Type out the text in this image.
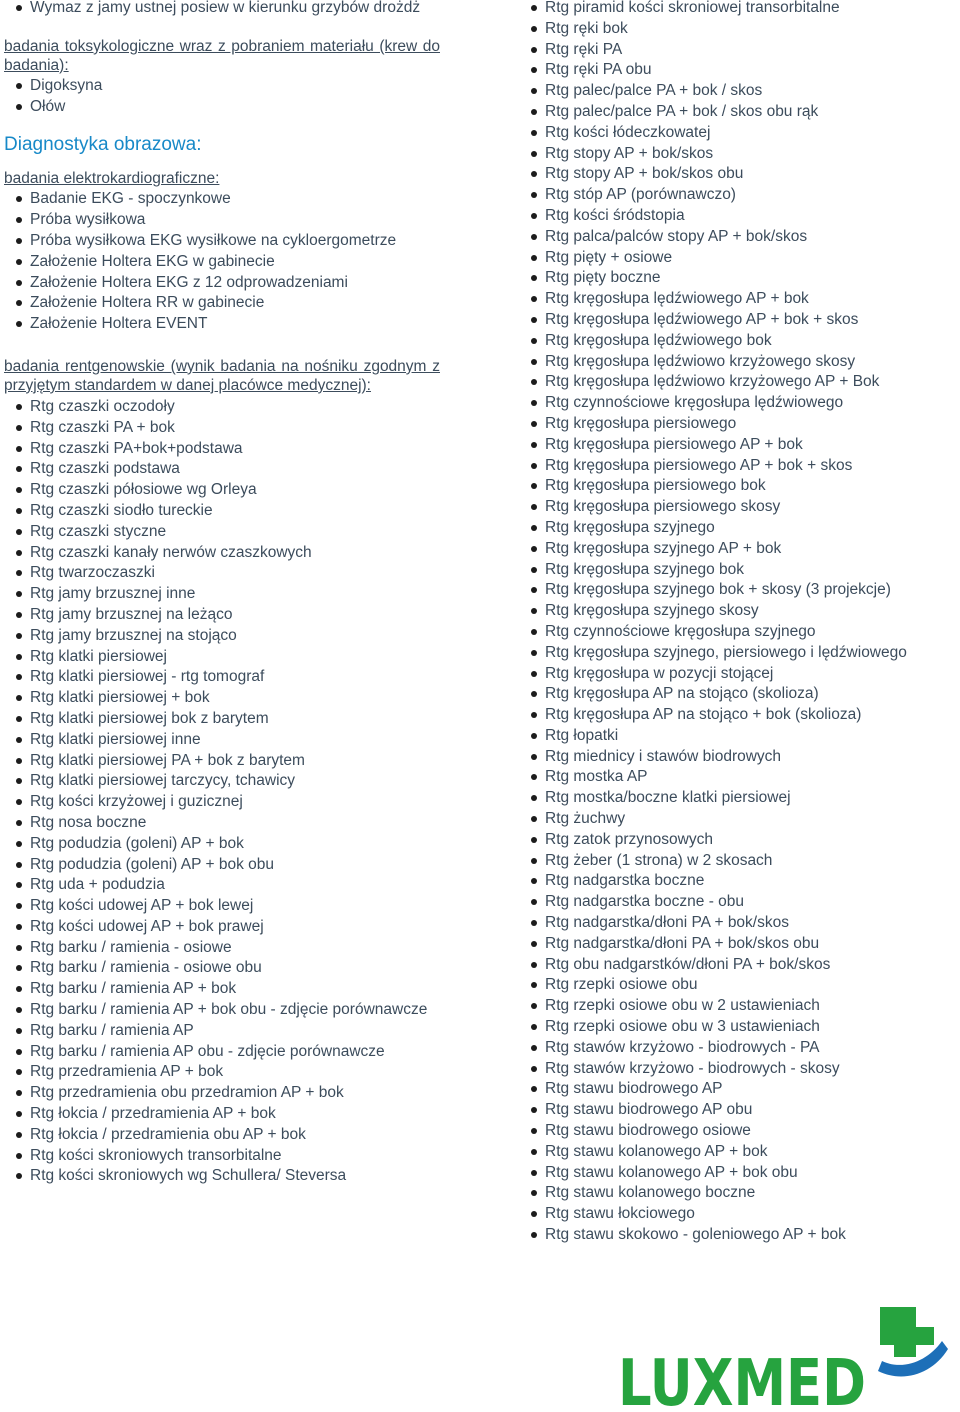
Wymaz z jamy ustnej posiew w kierunku grzybów drożdż
badania toksykologiczne wraz z pobraniem materiału (krew do badania):
Digoksyna
Ołów
Diagnostyka obrazowa:
badania elektrokardiograficzne:
Badanie EKG - spoczynkowe
Próba wysiłkowa
Próba wysiłkowa EKG wysiłkowe na cykloergometrze
Założenie Holtera EKG w gabinecie
Założenie Holtera EKG z 12 odprowadzeniami
Założenie Holtera RR w gabinecie
Założenie Holtera EVENT
badania rentgenowskie (wynik badania na nośniku zgodnym z przyjętym standardem w danej placówce medycznej):
Rtg czaszki oczodoły
Rtg czaszki PA + bok
Rtg czaszki PA+bok+podstawa
Rtg czaszki podstawa
Rtg czaszki półosiowe wg Orleya
Rtg czaszki siodło tureckie
Rtg czaszki styczne
Rtg czaszki kanały nerwów czaszkowych
Rtg twarzoczaszki
Rtg jamy brzusznej inne
Rtg jamy brzusznej na leżąco
Rtg jamy brzusznej na stojąco
Rtg klatki piersiowej
Rtg klatki piersiowej - rtg tomograf
Rtg klatki piersiowej + bok
Rtg klatki piersiowej bok z barytem
Rtg klatki piersiowej inne
Rtg klatki piersiowej PA + bok z barytem
Rtg klatki piersiowej tarczycy, tchawicy
Rtg kości krzyżowej i guzicznej
Rtg nosa boczne
Rtg podudzia (goleni) AP + bok
Rtg podudzia (goleni) AP + bok obu
Rtg uda + podudzia
Rtg kości udowej AP + bok lewej
Rtg kości udowej AP + bok prawej
Rtg barku / ramienia - osiowe
Rtg barku / ramienia - osiowe obu
Rtg barku / ramienia AP + bok
Rtg barku / ramienia AP + bok obu - zdjęcie porównawcze
Rtg barku / ramienia AP
Rtg barku / ramienia AP obu - zdjęcie porównawcze
Rtg przedramienia AP + bok
Rtg przedramienia obu przedramion AP + bok
Rtg łokcia / przedramienia AP + bok
Rtg łokcia / przedramienia obu AP + bok
Rtg kości skroniowych transorbitalne
Rtg kości skroniowych wg Schullera/ Steversa
Rtg piramid kości skroniowej transorbitalne
Rtg ręki bok
Rtg ręki PA
Rtg ręki PA obu
Rtg palec/palce PA + bok / skos
Rtg palec/palce PA + bok / skos obu rąk
Rtg kości łódeczkowatej
Rtg stopy AP + bok/skos
Rtg stopy AP + bok/skos obu
Rtg stóp AP (porównawczo)
Rtg kości śródstopia
Rtg palca/palców stopy AP + bok/skos
Rtg pięty + osiowe
Rtg pięty boczne
Rtg kręgosłupa lędźwiowego AP + bok
Rtg kręgosłupa lędźwiowego AP + bok + skos
Rtg kręgosłupa lędźwiowego bok
Rtg kręgosłupa lędźwiowo krzyżowego skosy
Rtg kręgosłupa lędźwiowo krzyżowego AP + Bok
Rtg czynnościowe kręgosłupa lędźwiowego
Rtg kręgosłupa piersiowego
Rtg kręgosłupa piersiowego AP + bok
Rtg kręgosłupa piersiowego AP + bok + skos
Rtg kręgosłupa piersiowego bok
Rtg kręgosłupa piersiowego skosy
Rtg kręgosłupa szyjnego
Rtg kręgosłupa szyjnego AP + bok
Rtg kręgosłupa szyjnego bok
Rtg kręgosłupa szyjnego bok + skosy (3 projekcje)
Rtg kręgosłupa szyjnego skosy
Rtg czynnościowe kręgosłupa szyjnego
Rtg kręgosłupa szyjnego, piersiowego i lędźwiowego
Rtg kręgosłupa w pozycji stojącej
Rtg kręgosłupa AP na stojąco (skolioza)
Rtg kręgosłupa AP na stojąco + bok (skolioza)
Rtg łopatki
Rtg miednicy i stawów biodrowych
Rtg mostka AP
Rtg mostka/boczne klatki piersiowej
Rtg żuchwy
Rtg zatok przynosowych
Rtg żeber (1 strona) w 2 skosach
Rtg nadgarstka boczne
Rtg nadgarstka boczne - obu
Rtg nadgarstka/dłoni PA + bok/skos
Rtg nadgarstka/dłoni PA + bok/skos obu
Rtg obu nadgarstków/dłoni PA + bok/skos
Rtg rzepki osiowe obu
Rtg rzepki osiowe obu w 2 ustawieniach
Rtg rzepki osiowe obu w 3 ustawieniach
Rtg stawów krzyżowo - biodrowych - PA
Rtg stawów krzyżowo - biodrowych - skosy
Rtg stawu biodrowego AP
Rtg stawu biodrowego AP obu
Rtg stawu biodrowego osiowe
Rtg stawu kolanowego AP + bok
Rtg stawu kolanowego AP + bok obu
Rtg stawu kolanowego boczne
Rtg stawu łokciowego
Rtg stawu skokowo - goleniowego AP + bok
LUXMED
